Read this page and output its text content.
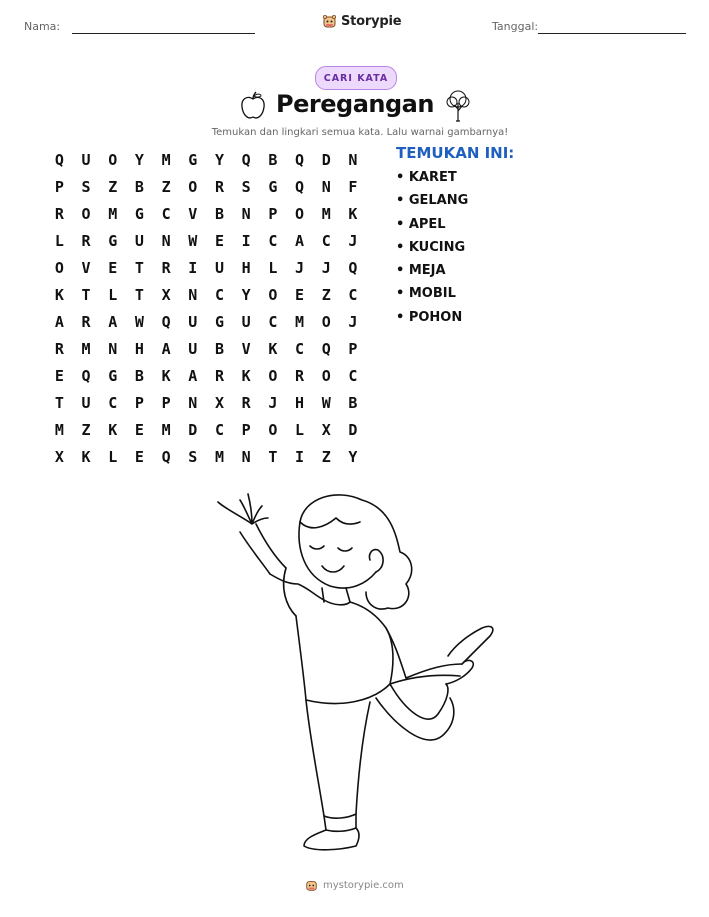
Nama:	Storypie	Tanggal:
CARI KATA
Peregangan
Temukan dan lingkari semua kata. Lalu warnai gambarnya!
Q	U	O	Y	M	G	Y	Q	B	Q	D	N
P	S	Z	B	Z	O	R	S	G	Q	N	F
R	O	M	G	C	V	B	N	P	O	M	K
L	R	G	U	N	W	E	I	C	A	C	J
O	V	E	T	R	I	U	H	L	J	J	Q
K	T	L	T	X	N	C	Y	O	E	Z	C
A	R	A	W	Q	U	G	U	C	M	O	J
R	M	N	H	A	U	B	V	K	C	Q	P
E	Q	G	B	K	A	R	K	O	R	O	C
T	U	C	P	P	N	X	R	J	H	W	B
M	Z	K	E	M	D	C	P	O	L	X	D
X	K	L	E	Q	S	M	N	T	I	Z	Y
TEMUKAN INI:
• KARET
• GELANG
• APEL
• KUCING
• MEJA
• MOBIL
• POHON
mystorypie.com
